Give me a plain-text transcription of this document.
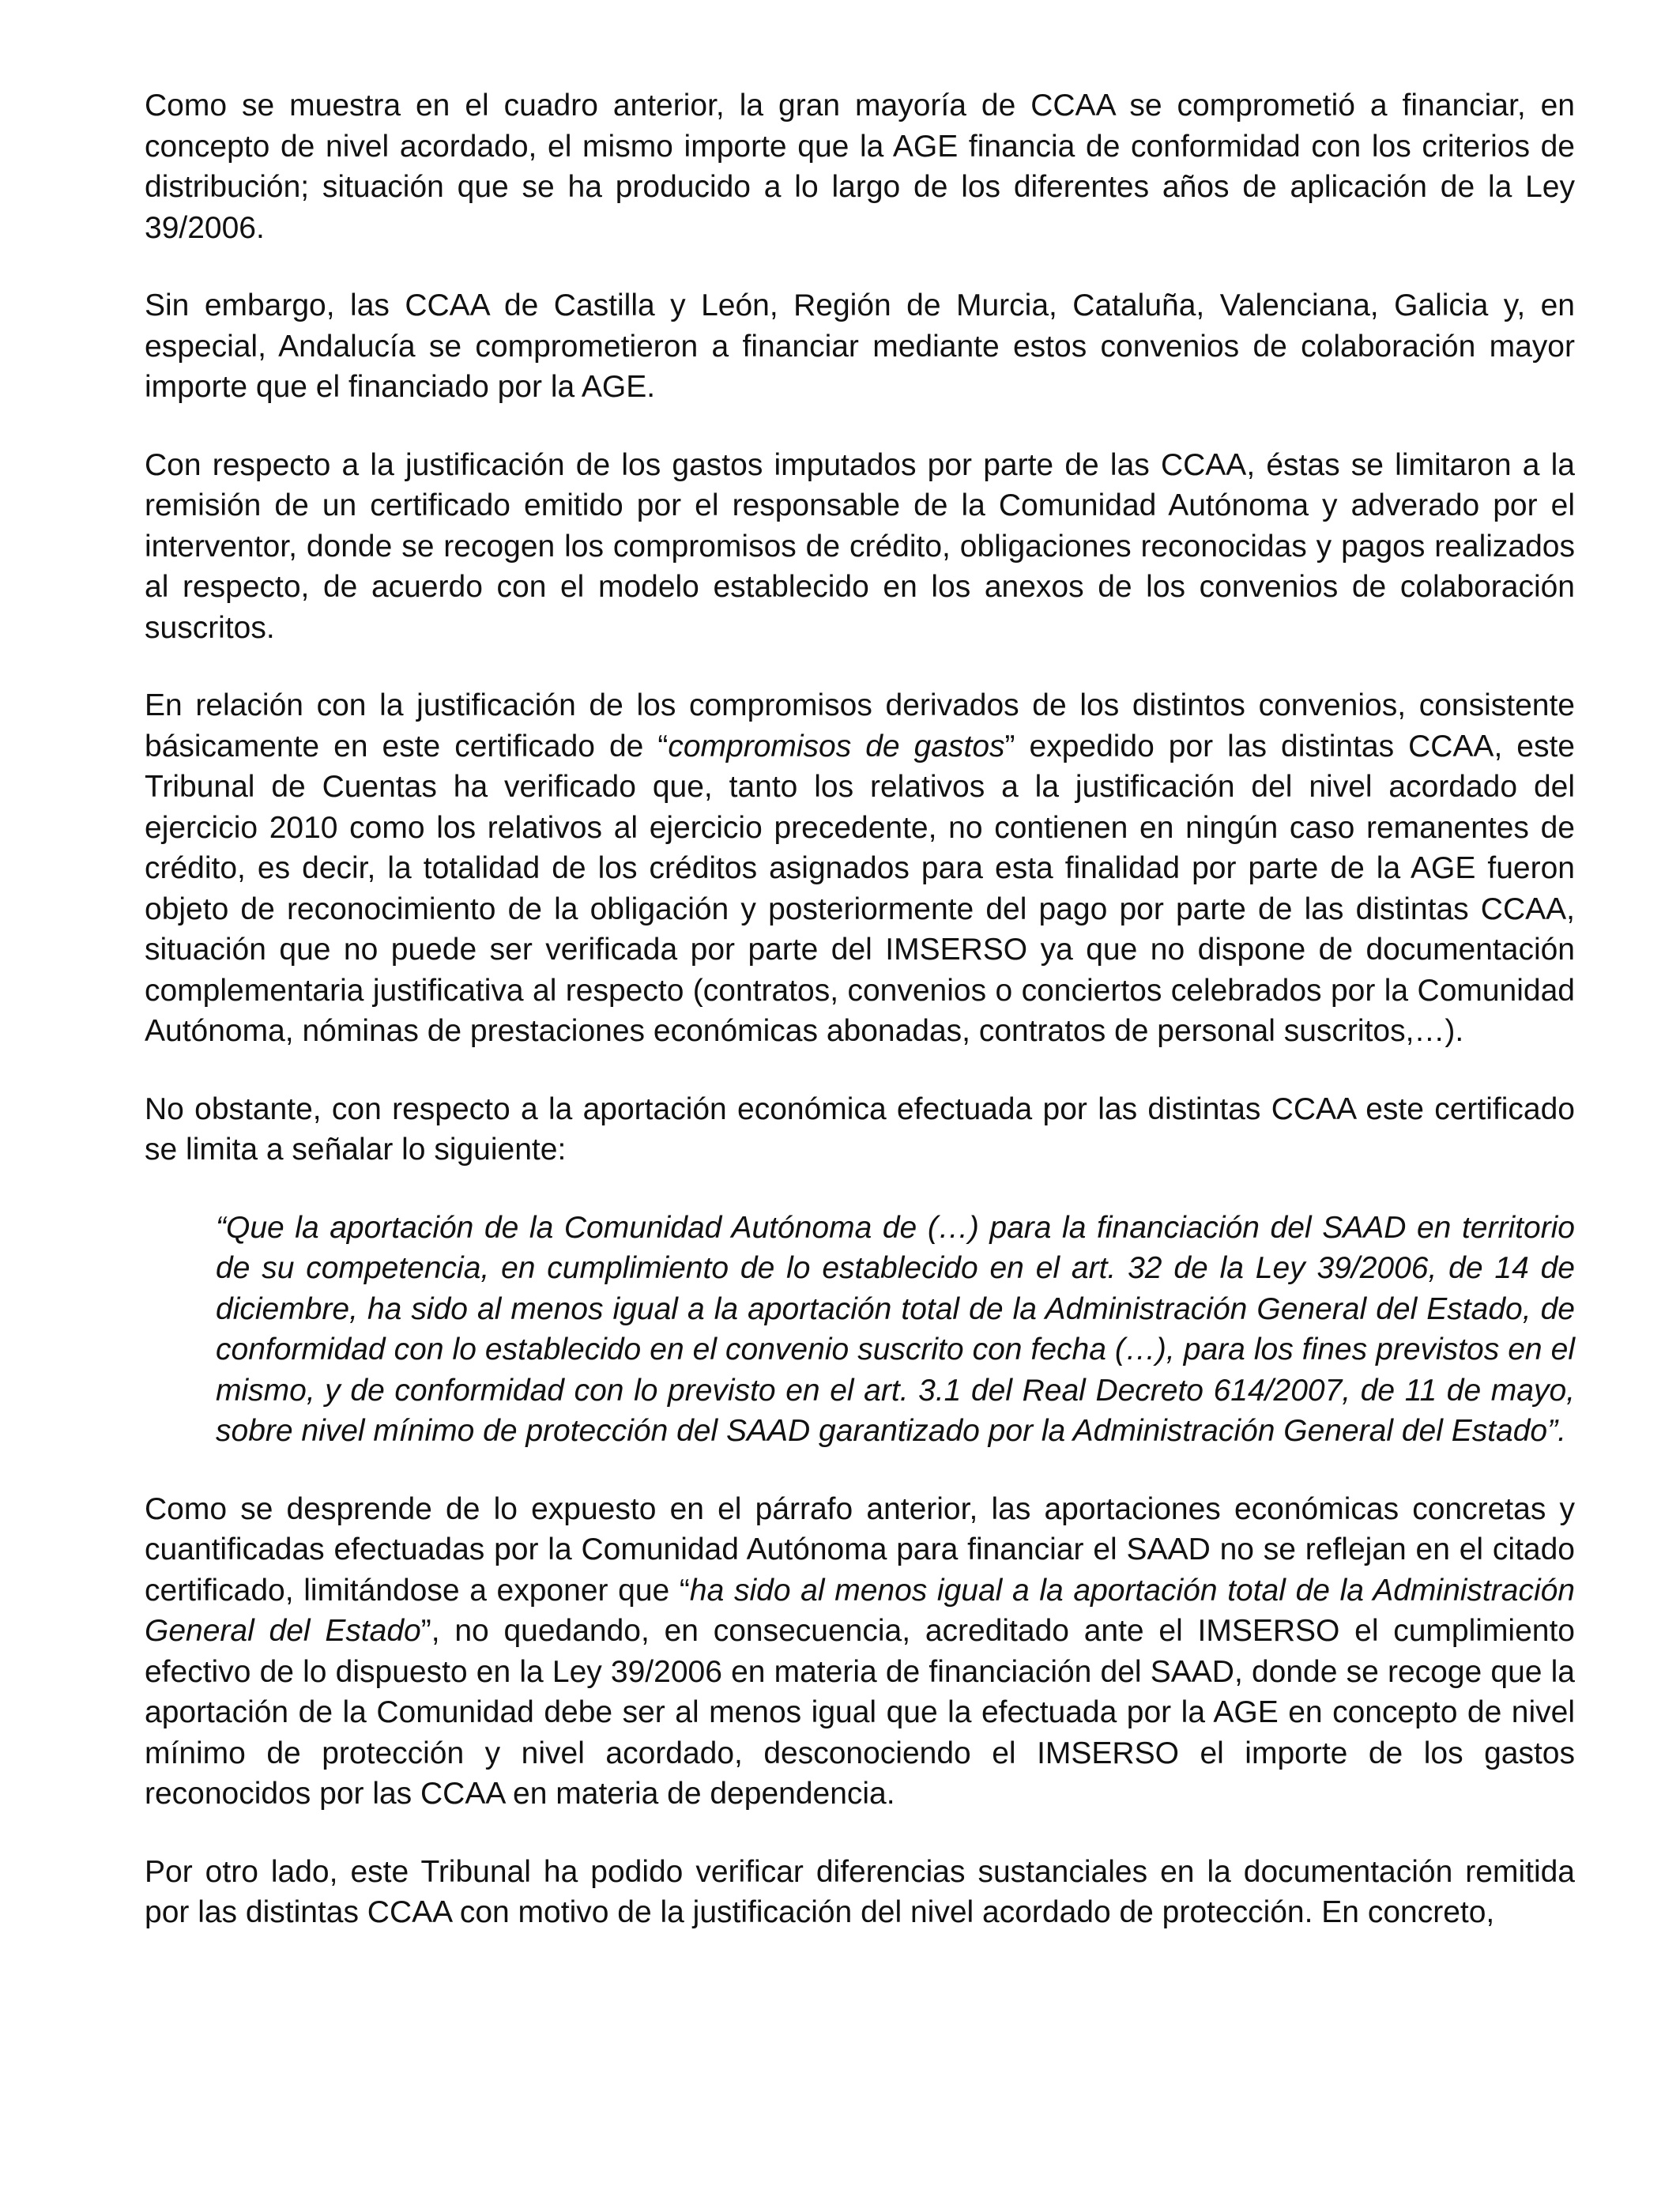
Como se muestra en el cuadro anterior, la gran mayoría de CCAA se comprometió a financiar, en concepto de nivel acordado, el mismo importe que la AGE financia de conformidad con los criterios de distribución; situación que se ha producido a lo largo de los diferentes años de aplicación de la Ley 39/2006.

Sin embargo, las CCAA de Castilla y León, Región de Murcia, Cataluña, Valenciana, Galicia y, en especial, Andalucía se comprometieron a financiar mediante estos convenios de colaboración mayor importe que el financiado por la AGE.

Con respecto a la justificación de los gastos imputados por parte de las CCAA, éstas se limitaron a la remisión de un certificado emitido por el responsable de la Comunidad Autónoma y adverado por el interventor, donde se recogen los compromisos de crédito, obligaciones reconocidas y pagos realizados al respecto, de acuerdo con el modelo establecido en los anexos de los convenios de colaboración suscritos.

En relación con la justificación de los compromisos derivados de los distintos convenios, consistente básicamente en este certificado de “compromisos de gastos” expedido por las distintas CCAA, este Tribunal de Cuentas ha verificado que, tanto los relativos a la justificación del nivel acordado del ejercicio 2010 como los relativos al ejercicio precedente, no contienen en ningún caso remanentes de crédito, es decir, la totalidad de los créditos asignados para esta finalidad por parte de la AGE fueron objeto de reconocimiento de la obligación y posteriormente del pago por parte de las distintas CCAA, situación que no puede ser verificada por parte del IMSERSO ya que no dispone de documentación complementaria justificativa al respecto (contratos, convenios o conciertos celebrados por la Comunidad Autónoma, nóminas de prestaciones económicas abonadas, contratos de personal suscritos,…).

No obstante, con respecto a la aportación económica efectuada por las distintas CCAA este certificado se limita a señalar lo siguiente:

“Que la aportación de la Comunidad Autónoma de (…) para la financiación del SAAD en territorio de su competencia, en cumplimiento de lo establecido en el art. 32 de la Ley 39/2006, de 14 de diciembre, ha sido al menos igual a la aportación total de la Administración General del Estado, de conformidad con lo establecido en el convenio suscrito con fecha (…), para los fines previstos en el mismo, y de conformidad con lo previsto en el art. 3.1 del Real Decreto 614/2007, de 11 de mayo, sobre nivel mínimo de protección del SAAD garantizado por la Administración General del Estado”.

Como se desprende de lo expuesto en el párrafo anterior, las aportaciones económicas concretas y cuantificadas efectuadas por la Comunidad Autónoma para financiar el SAAD no se reflejan en el citado certificado, limitándose a exponer que “ha sido al menos igual a la aportación total de la Administración General del Estado”, no quedando, en consecuencia, acreditado ante el IMSERSO el cumplimiento efectivo de lo dispuesto en la Ley 39/2006 en materia de financiación del SAAD, donde se recoge que la aportación de la Comunidad debe ser al menos igual que la efectuada por la AGE en concepto de nivel mínimo de protección y nivel acordado, desconociendo el IMSERSO el importe de los gastos reconocidos por las CCAA en materia de dependencia.

Por otro lado, este Tribunal ha podido verificar diferencias sustanciales en la documentación remitida por las distintas CCAA con motivo de la justificación del nivel acordado de protección. En concreto,
